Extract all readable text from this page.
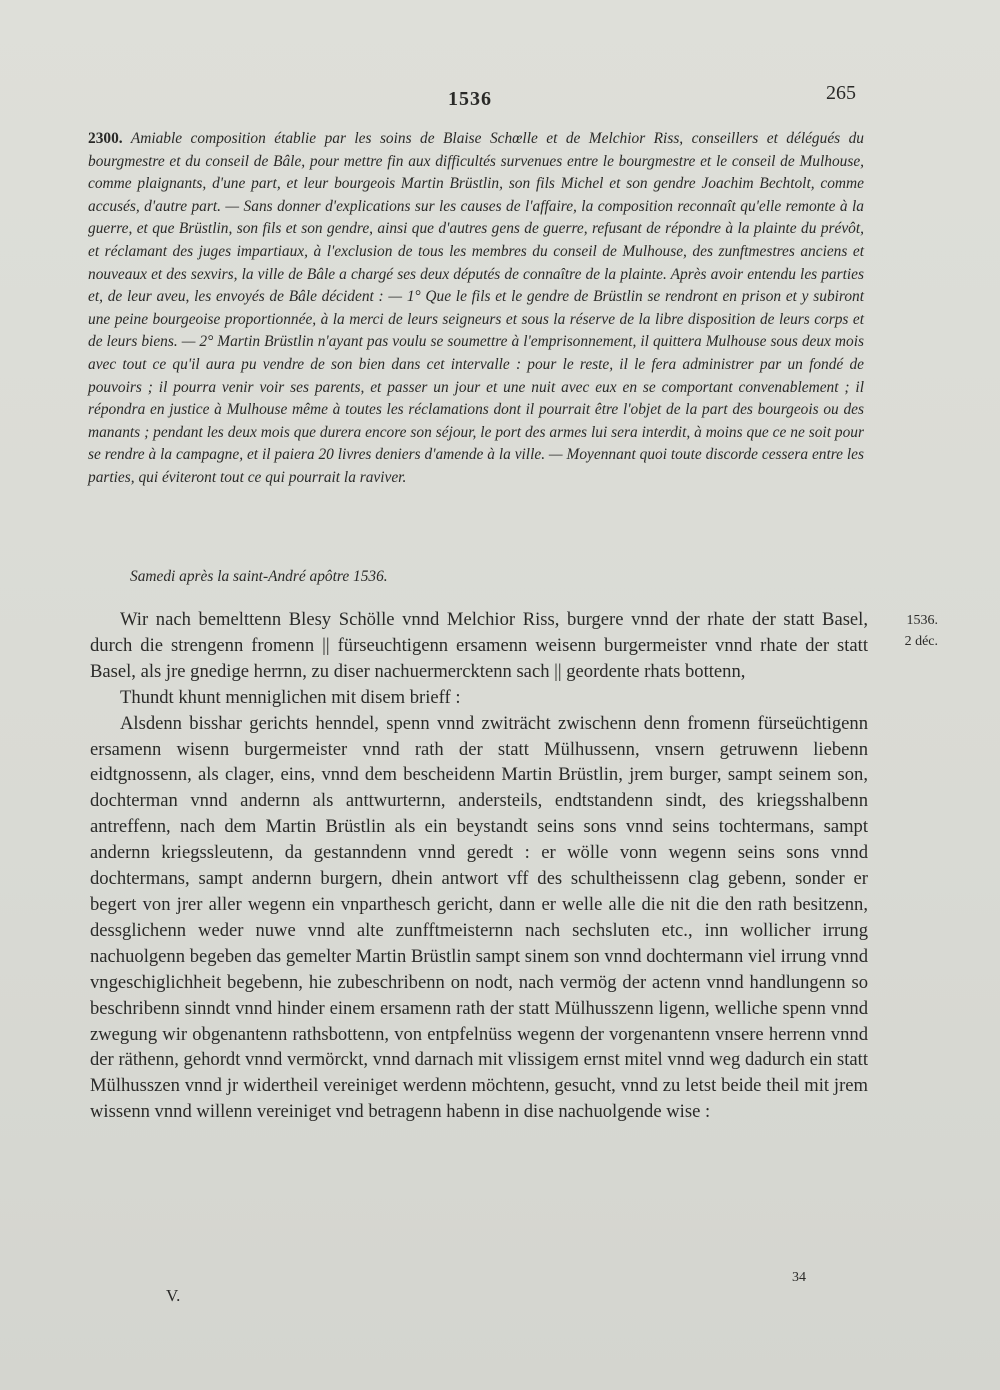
1536	265

2300. Amiable composition établie par les soins de Blaise Schœlle et de Melchior Riss, conseillers et délégués du bourgmestre et du conseil de Bâle, pour mettre fin aux difficultés survenues entre le bourgmestre et le conseil de Mulhouse, comme plaignants, d'une part, et leur bourgeois Martin Brüstlin, son fils Michel et son gendre Joachim Bechtolt, comme accusés, d'autre part. — Sans donner d'explications sur les causes de l'affaire, la composition reconnaît qu'elle remonte à la guerre, et que Brüstlin, son fils et son gendre, ainsi que d'autres gens de guerre, refusant de répondre à la plainte du prévôt, et réclamant des juges impartiaux, à l'exclusion de tous les membres du conseil de Mulhouse, des zunftmestres anciens et nouveaux et des sexvirs, la ville de Bâle a chargé ses deux députés de connaître de la plainte. Après avoir entendu les parties et, de leur aveu, les envoyés de Bâle décident : — 1° Que le fils et le gendre de Brüstlin se rendront en prison et y subiront une peine bourgeoise proportionnée, à la merci de leurs seigneurs et sous la réserve de la libre disposition de leurs corps et de leurs biens. — 2° Martin Brüstlin n'ayant pas voulu se soumettre à l'emprisonnement, il quittera Mulhouse sous deux mois avec tout ce qu'il aura pu vendre de son bien dans cet intervalle : pour le reste, il le fera administrer par un fondé de pouvoirs ; il pourra venir voir ses parents, et passer un jour et une nuit avec eux en se comportant convenablement ; il répondra en justice à Mulhouse même à toutes les réclamations dont il pourrait être l'objet de la part des bourgeois ou des manants ; pendant les deux mois que durera encore son séjour, le port des armes lui sera interdit, à moins que ce ne soit pour se rendre à la campagne, et il paiera 20 livres deniers d'amende à la ville. — Moyennant quoi toute discorde cessera entre les parties, qui éviteront tout ce qui pourrait la raviver.

Samedi après la saint-André apôtre 1536.

1536.
2 déc.

Wir nach bemelttenn Blesy Schölle vnnd Melchior Riss, burgere vnnd der rhate der statt Basel, durch die strengenn fromenn || fürseuchtigenn ersamenn weisenn burgermeister vnnd rhate der statt Basel, als jre gnedige herrnn, zu diser nachuermercktenn sach || geordente rhats bottenn,

Thundt khunt menniglichen mit disem brieff :

Alsdenn bisshar gerichts henndel, spenn vnnd zwiträcht zwischenn denn fromenn fürseüchtigenn ersamenn wisenn burgermeister vnnd rath der statt Mülhussenn, vnsern getruwenn liebenn eidtgnossenn, als clager, eins, vnnd dem bescheidenn Martin Brüstlin, jrem burger, sampt seinem son, dochterman vnnd andernn als anttwurternn, andersteils, endtstandenn sindt, des kriegsshalbenn antreffenn, nach dem Martin Brüstlin als ein beystandt seins sons vnnd seins tochtermans, sampt andernn kriegssleutenn, da gestanndenn vnnd geredt : er wölle vonn wegenn seins sons vnnd dochtermans, sampt andernn burgern, dhein antwort vff des schultheissenn clag gebenn, sonder er begert von jrer aller wegenn ein vnparthesch gericht, dann er welle alle die nit die den rath besitzenn, dessglichenn weder nuwe vnnd alte zunfftmeisternn nach sechsluten etc., inn wollicher irrung nachuolgenn begeben das gemelter Martin Brüstlin sampt sinem son vnnd dochtermann viel irrung vnnd vngeschiglichheit begebenn, hie zubeschribenn on nodt, nach vermög der actenn vnnd handlungenn so beschribenn sinndt vnnd hinder einem ersamenn rath der statt Mülhusszenn ligenn, welliche spenn vnnd zwegung wir obgenantenn rathsbottenn, von entpfelnüss wegenn der vorgenantenn vnsere herrenn vnnd der räthenn, gehordt vnnd vermörckt, vnnd darnach mit vlissigem ernst mitel vnnd weg dadurch ein statt Mülhusszen vnnd jr widertheil vereiniget werdenn möchtenn, gesucht, vnnd zu letst beide theil mit jrem wissenn vnnd willenn vereiniget vnd betragenn habenn in dise nachuolgende wise :

34
V.
